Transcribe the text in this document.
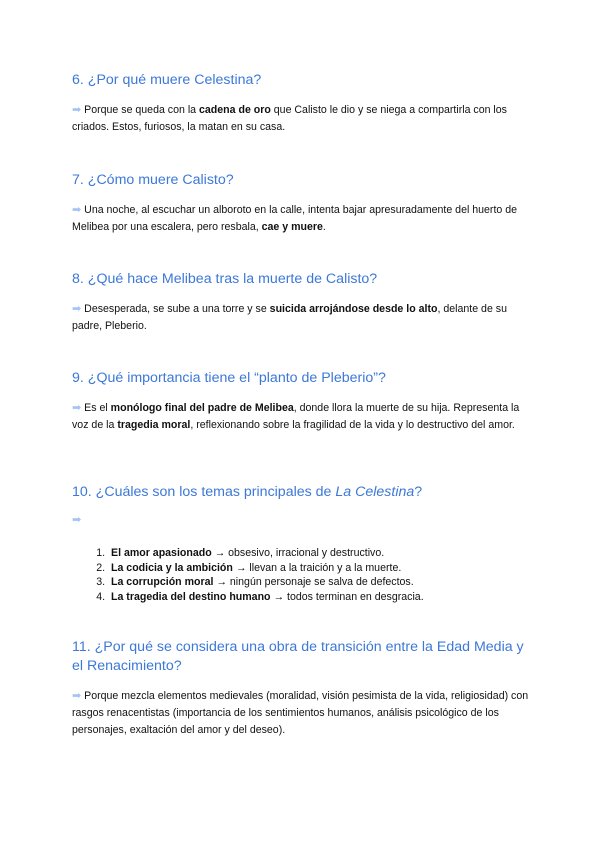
6. ¿Por qué muere Celestina?

➡ Porque se queda con la cadena de oro que Calisto le dio y se niega a compartirla con los criados. Estos, furiosos, la matan en su casa.

7. ¿Cómo muere Calisto?

➡ Una noche, al escuchar un alboroto en la calle, intenta bajar apresuradamente del huerto de Melibea por una escalera, pero resbala, cae y muere.

8. ¿Qué hace Melibea tras la muerte de Calisto?

➡ Desesperada, se sube a una torre y se suicida arrojándose desde lo alto, delante de su padre, Pleberio.

9. ¿Qué importancia tiene el “planto de Pleberio”?

➡ Es el monólogo final del padre de Melibea, donde llora la muerte de su hija. Representa la voz de la tragedia moral, reflexionando sobre la fragilidad de la vida y lo destructivo del amor.

10. ¿Cuáles son los temas principales de La Celestina?

➡

1. El amor apasionado → obsesivo, irracional y destructivo.
2. La codicia y la ambición → llevan a la traición y a la muerte.
3. La corrupción moral → ningún personaje se salva de defectos.
4. La tragedia del destino humano → todos terminan en desgracia.
11. ¿Por qué se considera una obra de transición entre la Edad Media y el Renacimiento?

➡ Porque mezcla elementos medievales (moralidad, visión pesimista de la vida, religiosidad) con rasgos renacentistas (importancia de los sentimientos humanos, análisis psicológico de los personajes, exaltación del amor y del deseo).
